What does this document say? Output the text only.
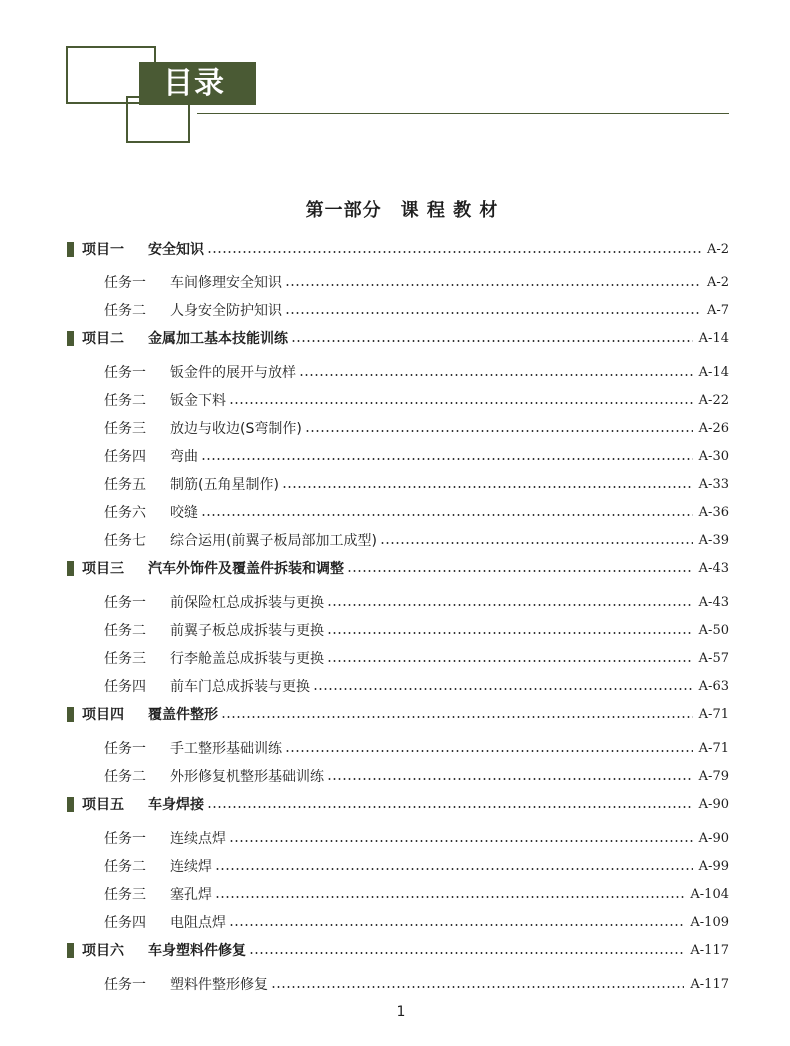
目录
第一部分　课 程 教 材
项目一	安全知识	A-2
任务一	车间修理安全知识	A-2
任务二	人身安全防护知识	A-7
项目二	金属加工基本技能训练	A-14
任务一	钣金件的展开与放样	A-14
任务二	钣金下料	A-22
任务三	放边与收边(S弯制作)	A-26
任务四	弯曲	A-30
任务五	制筋(五角星制作)	A-33
任务六	咬缝	A-36
任务七	综合运用(前翼子板局部加工成型)	A-39
项目三	汽车外饰件及覆盖件拆装和调整	A-43
任务一	前保险杠总成拆装与更换	A-43
任务二	前翼子板总成拆装与更换	A-50
任务三	行李舱盖总成拆装与更换	A-57
任务四	前车门总成拆装与更换	A-63
项目四	覆盖件整形	A-71
任务一	手工整形基础训练	A-71
任务二	外形修复机整形基础训练	A-79
项目五	车身焊接	A-90
任务一	连续点焊	A-90
任务二	连续焊	A-99
任务三	塞孔焊	A-104
任务四	电阻点焊	A-109
项目六	车身塑料件修复	A-117
任务一	塑料件整形修复	A-117
1
